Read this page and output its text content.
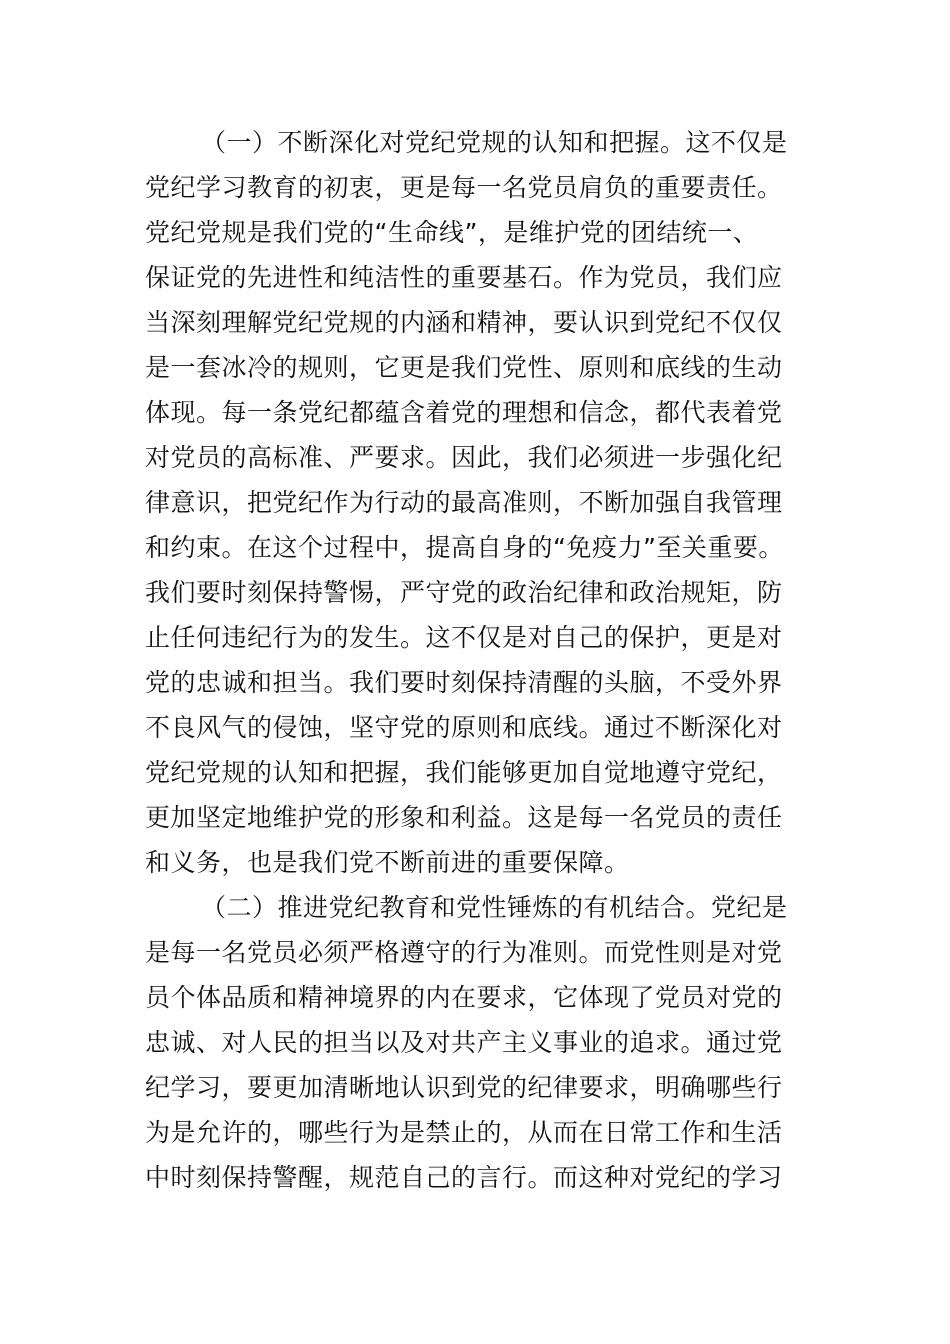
（一）不断深化对党纪党规的认知和把握。这不仅是
党纪学习教育的初衷，更是每一名党员肩负的重要责任。
党纪党规是我们党的“生命线”，是维护党的团结统一、
保证党的先进性和纯洁性的重要基石。作为党员，我们应
当深刻理解党纪党规的内涵和精神，要认识到党纪不仅仅
是一套冰冷的规则，它更是我们党性、原则和底线的生动
体现。每一条党纪都蕴含着党的理想和信念，都代表着党
对党员的高标准、严要求。因此，我们必须进一步强化纪
律意识，把党纪作为行动的最高准则，不断加强自我管理
和约束。在这个过程中，提高自身的“免疫力”至关重要。
我们要时刻保持警惕，严守党的政治纪律和政治规矩，防
止任何违纪行为的发生。这不仅是对自己的保护，更是对
党的忠诚和担当。我们要时刻保持清醒的头脑，不受外界
不良风气的侵蚀，坚守党的原则和底线。通过不断深化对
党纪党规的认知和把握，我们能够更加自觉地遵守党纪，
更加坚定地维护党的形象和利益。这是每一名党员的责任
和义务，也是我们党不断前进的重要保障。
（二）推进党纪教育和党性锤炼的有机结合。党纪是
是每一名党员必须严格遵守的行为准则。而党性则是对党
员个体品质和精神境界的内在要求，它体现了党员对党的
忠诚、对人民的担当以及对共产主义事业的追求。通过党
纪学习，要更加清晰地认识到党的纪律要求，明确哪些行
为是允许的，哪些行为是禁止的，从而在日常工作和生活
中时刻保持警醒，规范自己的言行。而这种对党纪的学习
